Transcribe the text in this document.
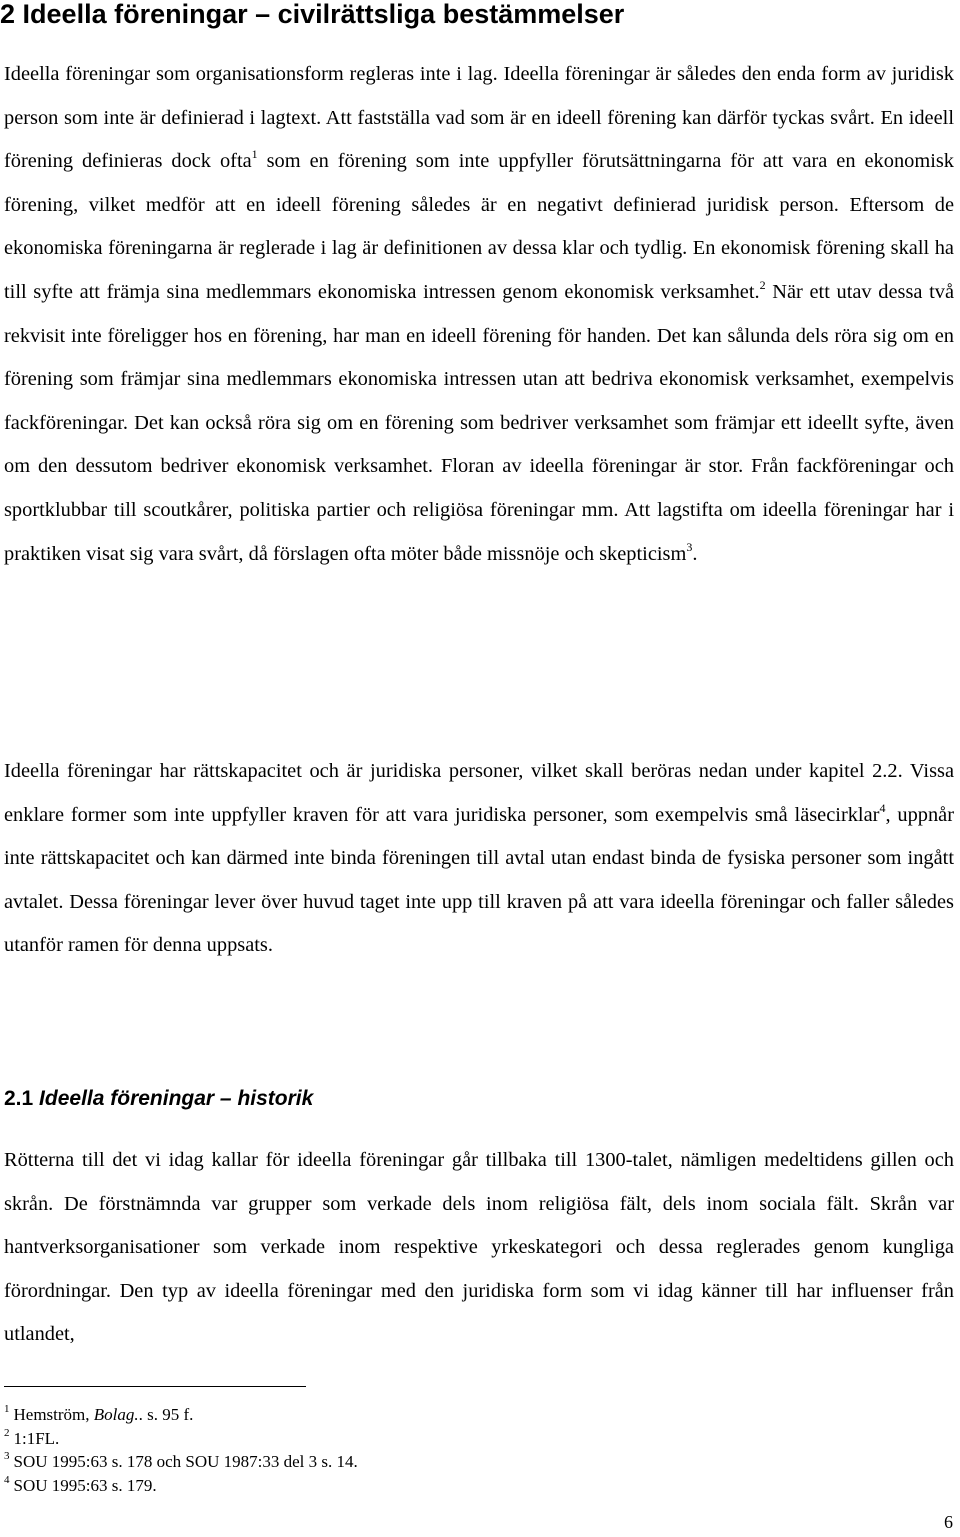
2 Ideella föreningar – civilrättsliga bestämmelser

Ideella föreningar som organisationsform regleras inte i lag. Ideella föreningar är således den enda form av juridisk person som inte är definierad i lagtext. Att fastställa vad som är en ideell förening kan därför tyckas svårt. En ideell förening definieras dock ofta$^1$ som en förening som inte uppfyller förutsättningarna för att vara en ekonomisk förening, vilket medför att en ideell förening således är en negativt definierad juridisk person. Eftersom de ekonomiska föreningarna är reglerade i lag är definitionen av dessa klar och tydlig. En ekonomisk förening skall ha till syfte att främja sina medlemmars ekonomiska intressen genom ekonomisk verksamhet.$^2$ När ett utav dessa två rekvisit inte föreligger hos en förening, har man en ideell förening för handen. Det kan sålunda dels röra sig om en förening som främjar sina medlemmars ekonomiska intressen utan att bedriva ekonomisk verksamhet, exempelvis fackföreningar. Det kan också röra sig om en förening som bedriver verksamhet som främjar ett ideellt syfte, även om den dessutom bedriver ekonomisk verksamhet. Floran av ideella föreningar är stor. Från fackföreningar och sportklubbar till scoutkårer, politiska partier och religiösa föreningar mm. Att lagstifta om ideella föreningar har i praktiken visat sig vara svårt, då förslagen ofta möter både missnöje och skepticism$^3$.

Ideella föreningar har rättskapacitet och är juridiska personer, vilket skall beröras nedan under kapitel 2.2. Vissa enklare former som inte uppfyller kraven för att vara juridiska personer, som exempelvis små läsecirklar$^4$, uppnår inte rättskapacitet och kan därmed inte binda föreningen till avtal utan endast binda de fysiska personer som ingått avtalet. Dessa föreningar lever över huvud taget inte upp till kraven på att vara ideella föreningar och faller således utanför ramen för denna uppsats.

2.1 Ideella föreningar – historik

Rötterna till det vi idag kallar för ideella föreningar går tillbaka till 1300-talet, nämligen medeltidens gillen och skrån. De förstnämnda var grupper som verkade dels inom religiösa fält, dels inom sociala fält. Skrån var hantverksorganisationer som verkade inom respektive yrkeskategori och dessa reglerades genom kungliga förordningar. Den typ av ideella föreningar med den juridiska form som vi idag känner till har influenser från utlandet,

$^1$ Hemström, Bolag.. s. 95 f.
$^2$ 1:1FL.
$^3$ SOU 1995:63 s. 178 och SOU 1987:33 del 3 s. 14.
$^4$ SOU 1995:63 s. 179.
6
